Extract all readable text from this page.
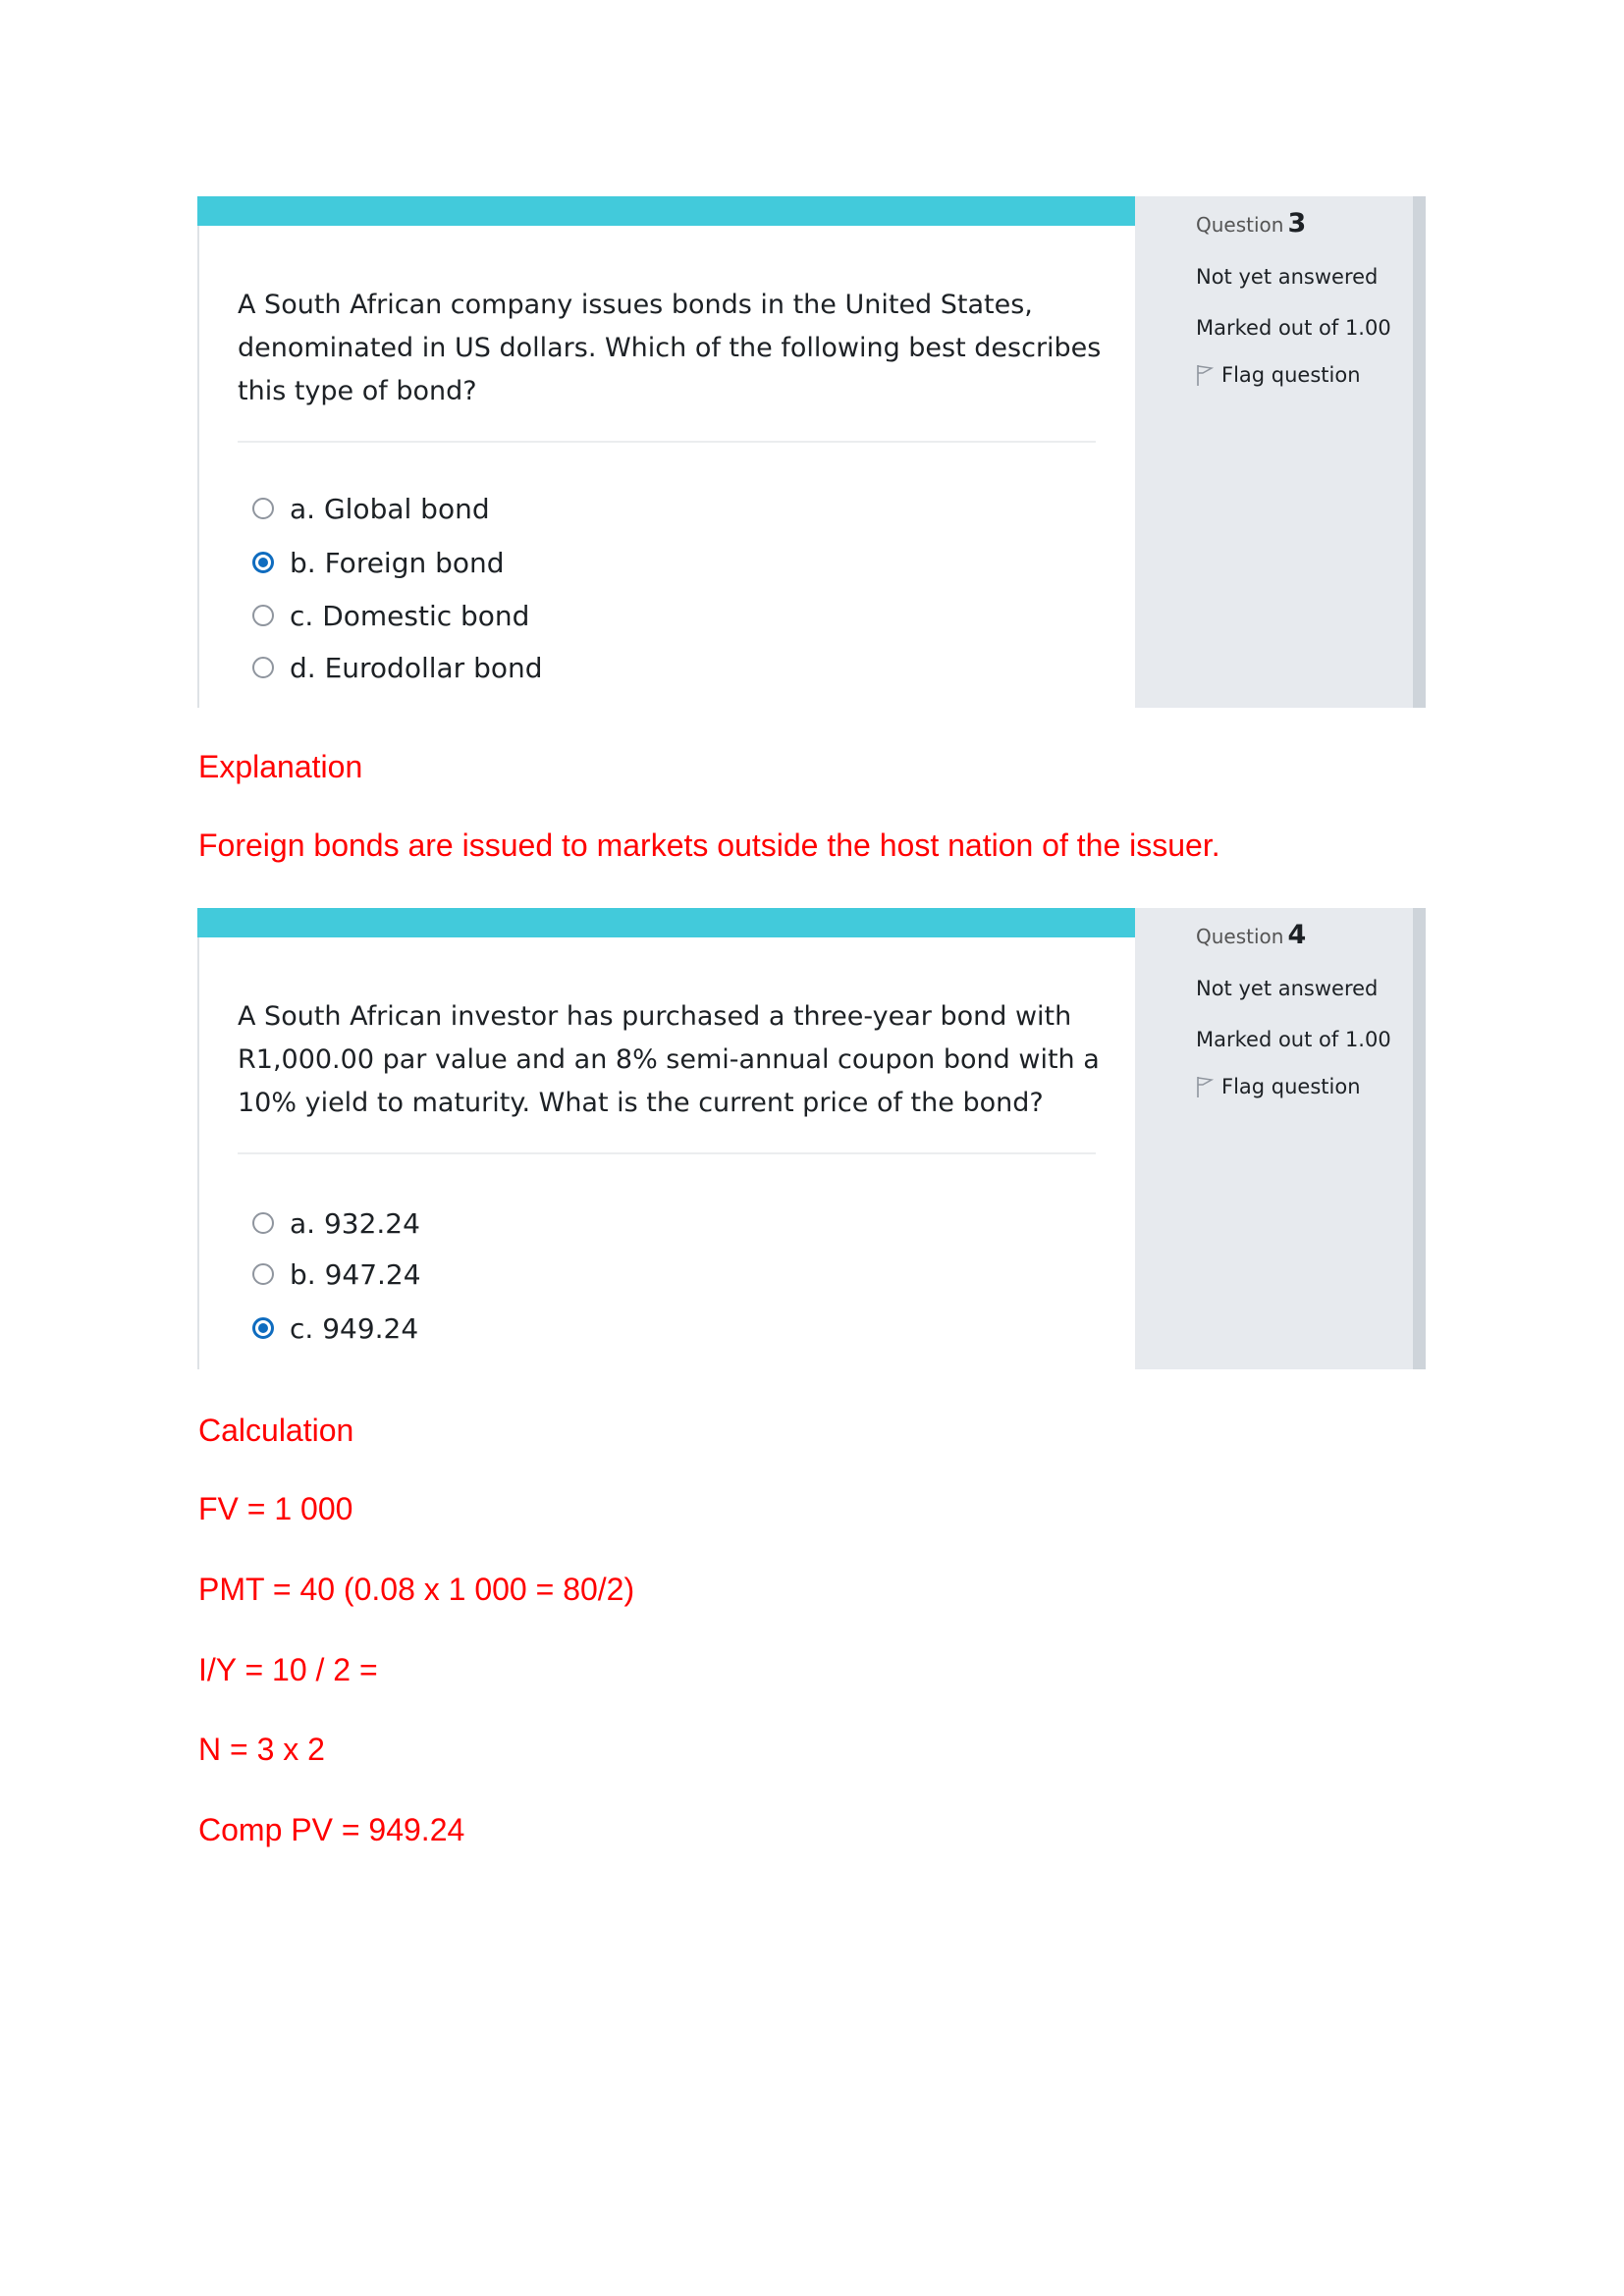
Question 3
Not yet answered
Marked out of 1.00
Flag question
A South African company issues bonds in the United States,
denominated in US dollars. Which of the following best describes
this type of bond?
a. Global bond
b. Foreign bond
c. Domestic bond
d. Eurodollar bond
Explanation
Foreign bonds are issued to markets outside the host nation of the issuer.
Question 4
Not yet answered
Marked out of 1.00
Flag question
A South African investor has purchased a three-year bond with
R1,000.00 par value and an 8% semi-annual coupon bond with a
10% yield to maturity. What is the current price of the bond?
a. 932.24
b. 947.24
c. 949.24
Calculation
FV = 1 000
PMT = 40 (0.08 x 1 000 = 80/2)
I/Y = 10 / 2 =
N = 3 x 2
Comp PV = 949.24
